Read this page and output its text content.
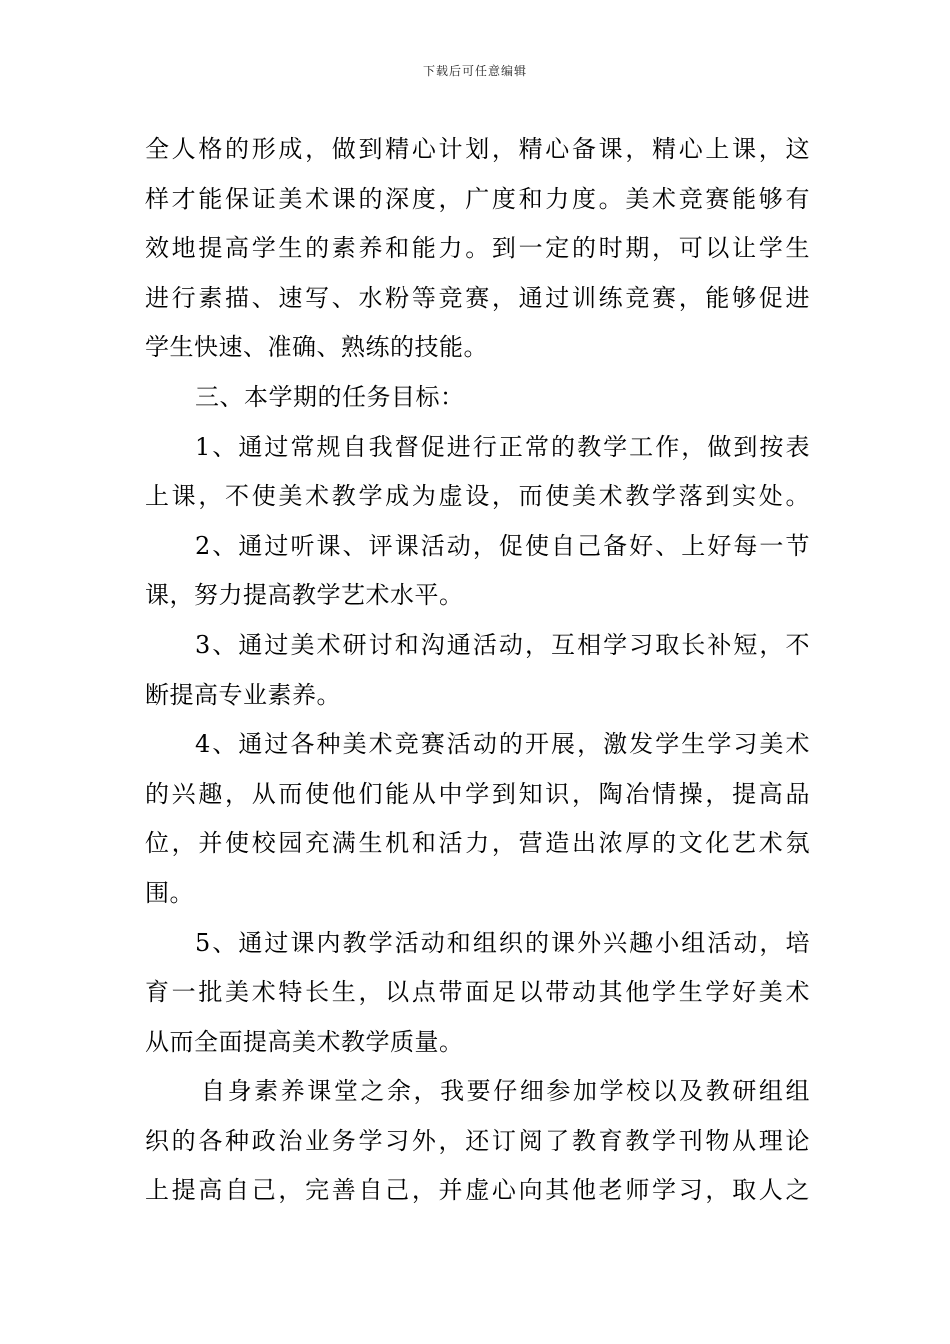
下载后可任意编辑
全人格的形成，做到精心计划，精心备课，精心上课，这
样才能保证美术课的深度，广度和力度。美术竞赛能够有
效地提高学生的素养和能力。到一定的时期，可以让学生
进行素描、速写、水粉等竞赛，通过训练竞赛，能够促进
学生快速、准确、熟练的技能。
三、本学期的任务目标：
1、通过常规自我督促进行正常的教学工作，做到按表
上课，不使美术教学成为虚设，而使美术教学落到实处。
2、通过听课、评课活动，促使自己备好、上好每一节
课，努力提高教学艺术水平。
3、通过美术研讨和沟通活动，互相学习取长补短，不
断提高专业素养。
4、通过各种美术竞赛活动的开展，激发学生学习美术
的兴趣，从而使他们能从中学到知识，陶冶情操，提高品
位，并使校园充满生机和活力，营造出浓厚的文化艺术氛
围。
5、通过课内教学活动和组织的课外兴趣小组活动，培
育一批美术特长生，以点带面足以带动其他学生学好美术
从而全面提高美术教学质量。
自身素养课堂之余，我要仔细参加学校以及教研组组
织的各种政治业务学习外，还订阅了教育教学刊物从理论
上提高自己，完善自己，并虚心向其他老师学习，取人之
